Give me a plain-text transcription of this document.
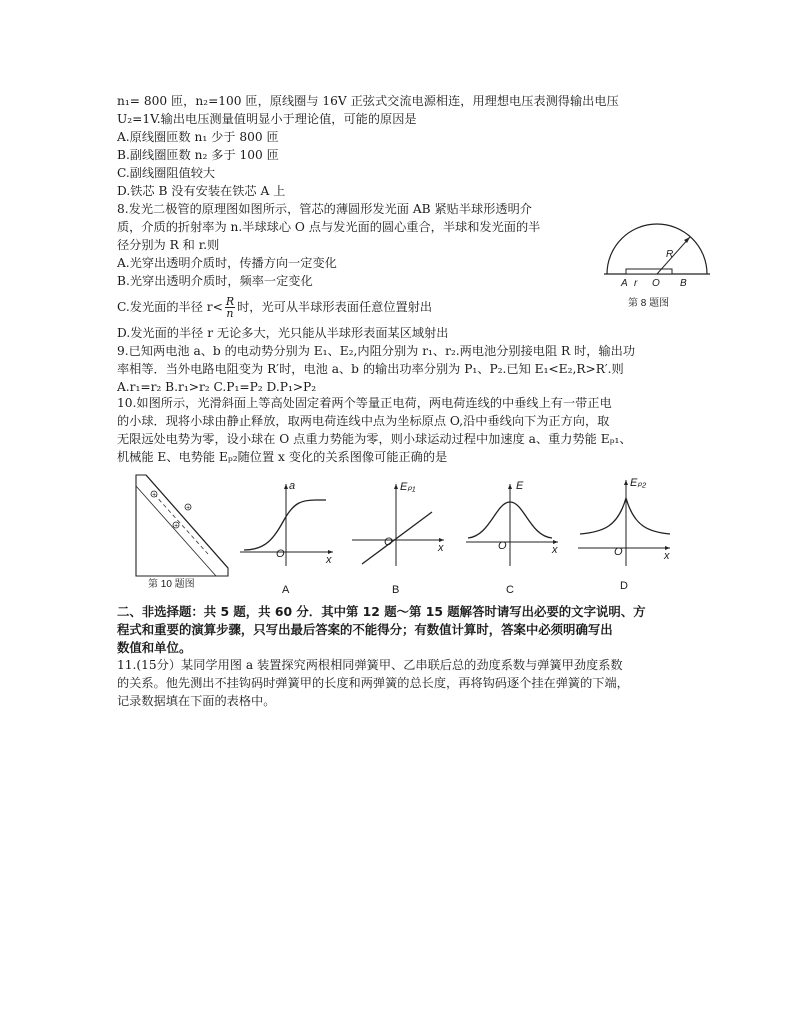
n₁= 800 匝，n₂=100 匝，原线圈与 16V 正弦式交流电源相连，用理想电压表测得输出电压
U₂=1V.输出电压测量值明显小于理论值，可能的原因是
A.原线圈匝数 n₁ 少于 800 匝
B.副线圈匝数 n₂ 多于 100 匝
C.副线圈阻值较大
D.铁芯 B 没有安装在铁芯 A 上
8.发光二极管的原理图如图所示，管芯的薄圆形发光面 AB 紧贴半球形透明介
质，介质的折射率为 n.半球球心 O 点与发光面的圆心重合，半球和发光面的半
径分别为 R 和 r.则
A.光穿出透明介质时，传播方向一定变化
B.光穿出透明介质时，频率一定变化
D.发光面的半径 r 无论多大，光只能从半球形表面某区域射出
9.已知两电池 a、b 的电动势分别为 E₁、E₂,内阻分别为 r₁、r₂.两电池分别接电阻 R 时，输出功
率相等．当外电路电阻变为 R′时，电池 a、b 的输出功率分别为 P₁、P₂.已知 E₁<E₂,R>R′.则
A.r₁=r₂ B.r₁>r₂ C.P₁=P₂ D.P₁>P₂
10.如图所示，光滑斜面上等高处固定着两个等量正电荷，两电荷连线的中垂线上有一带正电
的小球．现将小球由静止释放，取两电荷连线中点为坐标原点 O,沿中垂线向下为正方向，取
无限远处电势为零，设小球在 O 点重力势能为零，则小球运动过程中加速度 a、重力势能 Eₚ₁、
机械能 E、电势能 Eₚ₂随位置 x 变化的关系图像可能正确的是
C.发光面的半径 $r< \frac{R}{n}$ 时，光可从半球形表面任意位置射出
二、非选择题：共 5 题，共 60 分．其中第 12 题～第 15 题解答时请写出必要的文字说明、方
程式和重要的演算步骤，只写出最后答案的不能得分；有数值计算时，答案中必须明确写出
数值和单位。
11.(15分）某同学用图 a 装置探究两根相同弹簧甲、乙串联后总的劲度系数与弹簧甲劲度系数
的关系。他先测出不挂钩码时弹簧甲的长度和两弹簧的总长度，再将钩码逐个挂在弹簧的下端，
记录数据填在下面的表格中。
R
A r O B
第 8 题图
+
+
+
第 10 题图
a
O	x
A
Eₚ₁
O	x
B
E
O	x
C
Eₚ₂
O	x
D
